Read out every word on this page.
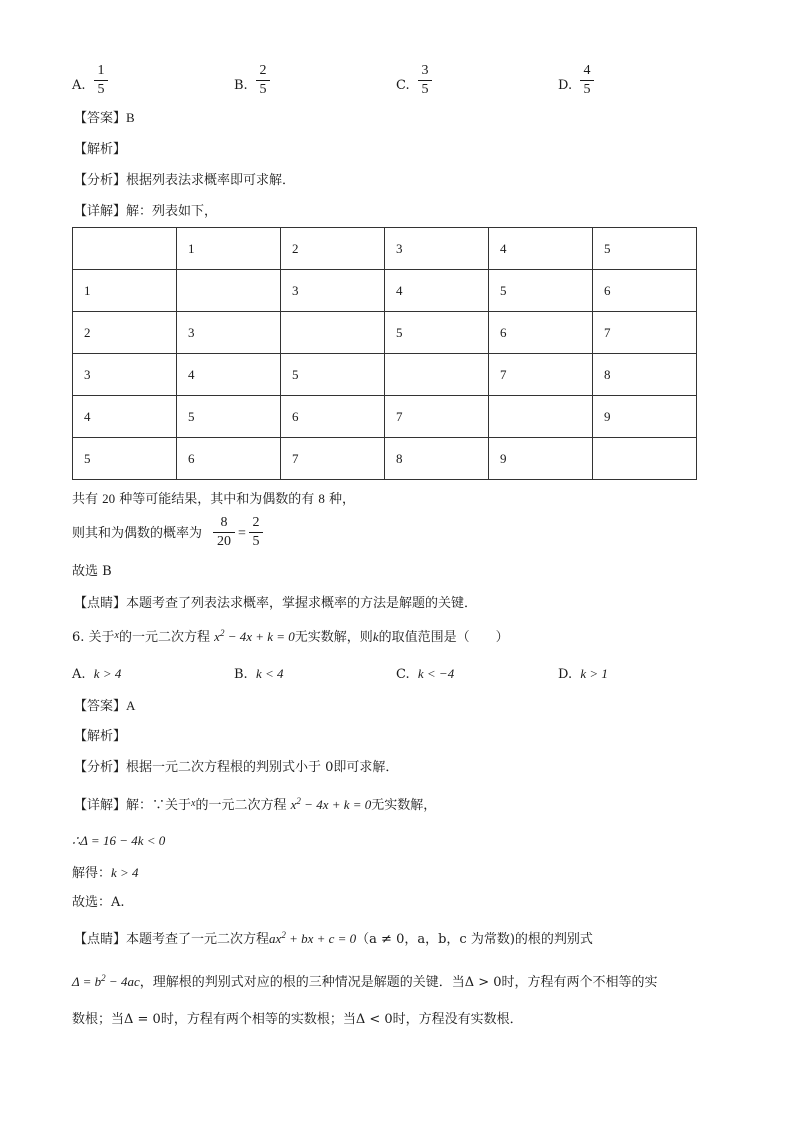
A.
1
5	B.
2
5	C.
3
5	D.
4
5
【答案】B
【解析】
【分析】根据列表法求概率即可求解．
【详解】解：列表如下，
	1	2	3	4	5
1		3	4	5	6
2	3		5	6	7
3	4	5		7	8
4	5	6	7		9
5	6	7	8	9	
共有 20 种等可能结果，其中和为偶数的有 8 种，
则其和为偶数的概率为
8
20
=
2
5
故选 B
【点睛】本题考查了列表法求概率，掌握求概率的方法是解题的关键．
6. 关于$^x$的一元二次方程 $x^2 - 4x + k = 0$无实数解，则k的取值范围是（　　）
A. k > 4	B. k < 4	C. k < −4	D. k > 1
【答案】A
【解析】
【分析】根据一元二次方程根的判别式小于 0即可求解．
【详解】解：∵关于$^x$的一元二次方程 $x^2 - 4x + k = 0$无实数解，
∴Δ = 16 − 4k < 0
解得：k > 4
故选：A.
【点睛】本题考查了一元二次方程$ax^2$ + bx + c = 0（a ≠ 0，a，b，c 为常数)的根的判别式
$\Delta = b^2 - 4ac$，理解根的判别式对应的根的三种情况是解题的关键．当Δ > 0时，方程有两个不相等的实
数根；当Δ = 0时，方程有两个相等的实数根；当Δ < 0时，方程没有实数根．
